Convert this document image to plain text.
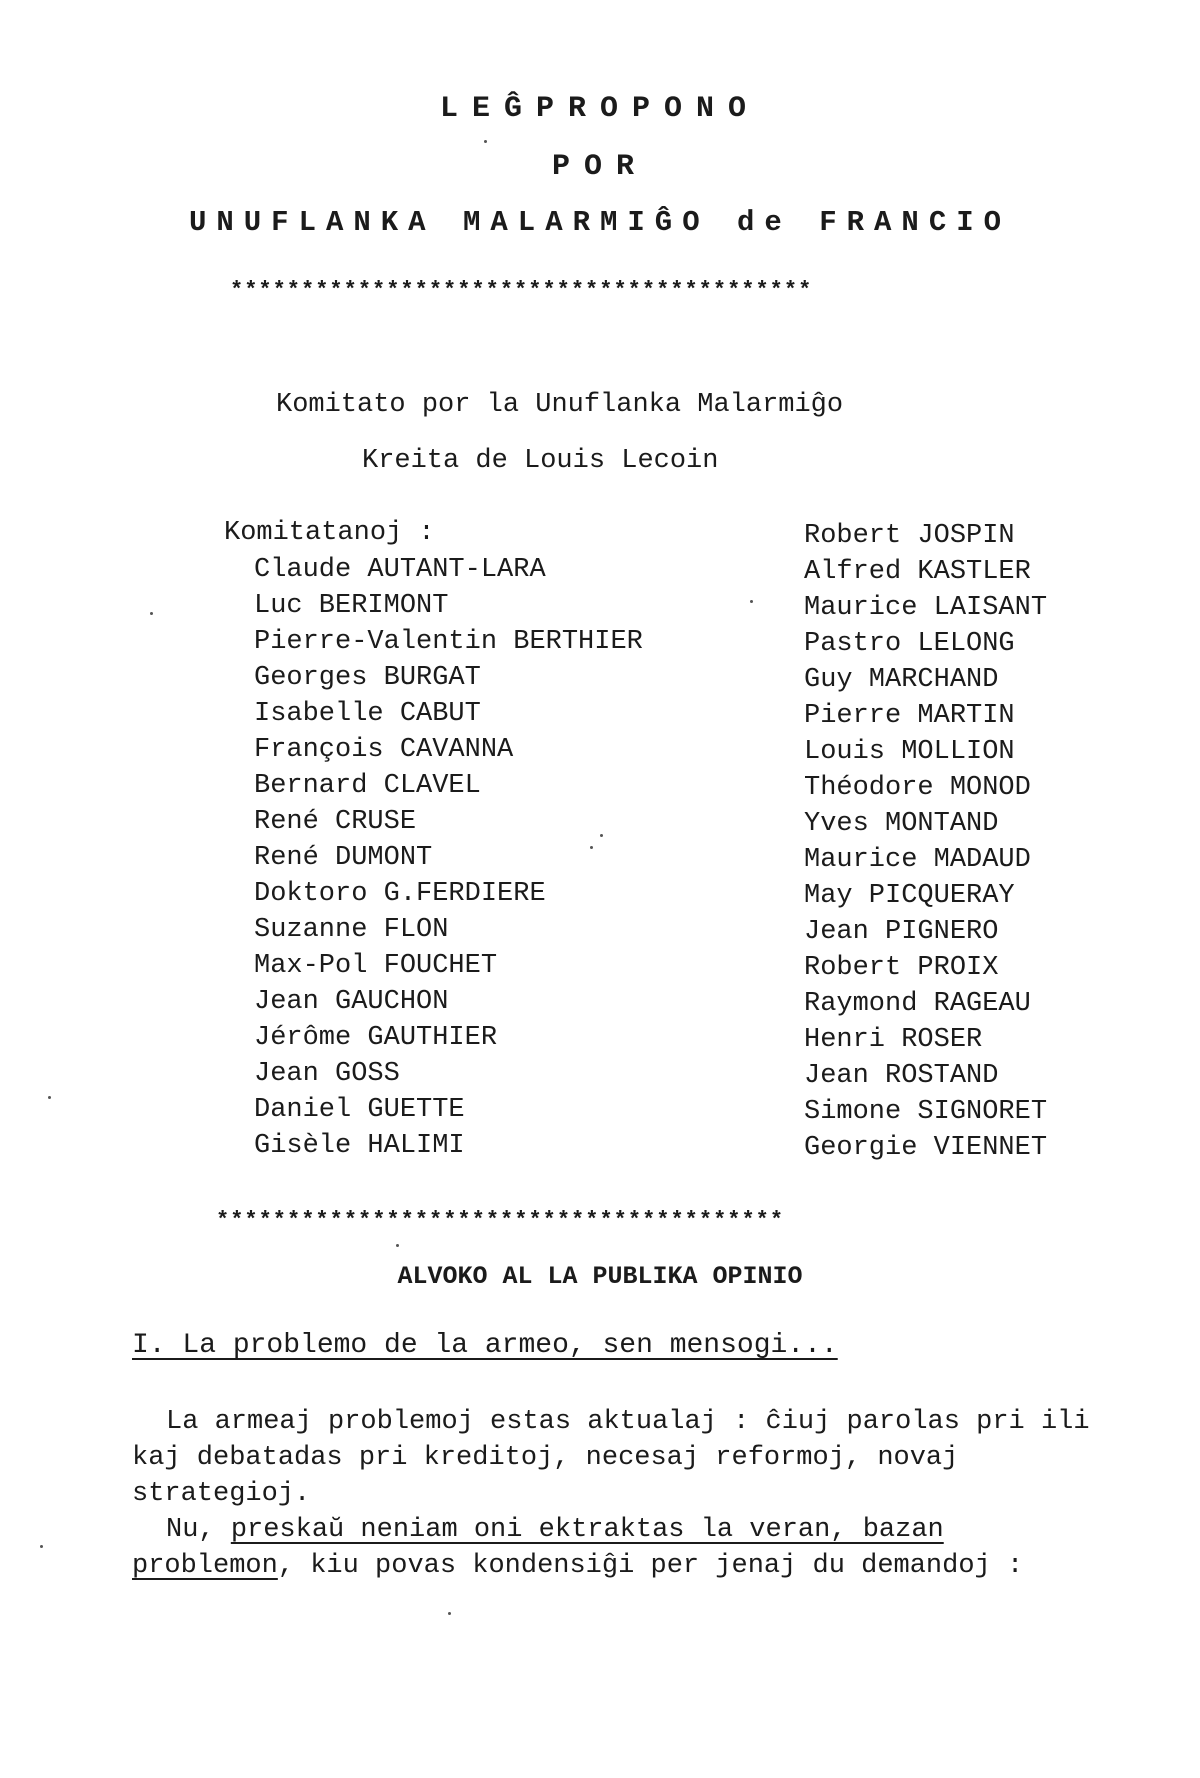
LEĜPROPONO
POR
UNUFLANKA MALARMIĜO de FRANCIO
*****************************************
Komitato por la Unuflanka Malarmiĝo
Kreita de Louis Lecoin
Komitatanoj :
Claude AUTANT-LARA
Luc BERIMONT
Pierre-Valentin BERTHIER
Georges BURGAT
Isabelle CABUT
François CAVANNA
Bernard CLAVEL
René CRUSE
René DUMONT
Doktoro G.FERDIERE
Suzanne FLON
Max-Pol FOUCHET
Jean GAUCHON
Jérôme GAUTHIER
Jean GOSS
Daniel GUETTE
Gisèle HALIMI
Robert JOSPIN
Alfred KASTLER
Maurice LAISANT
Pastro LELONG
Guy MARCHAND
Pierre MARTIN
Louis MOLLION
Théodore MONOD
Yves MONTAND
Maurice MADAUD
May PICQUERAY
Jean PIGNERO
Robert PROIX
Raymond RAGEAU
Henri ROSER
Jean ROSTAND
Simone SIGNORET
Georgie VIENNET
****************************************
ALVOKO AL LA PUBLIKA OPINIO
I. La problemo de la armeo, sen mensogi...

La armeaj problemoj estas aktualaj : ĉiuj parolas pri ili kaj debatadas pri kreditoj, necesaj reformoj, novaj strategioj.

Nu, preskaŭ neniam oni ektraktas la veran, bazan problemon, kiu povas kondensiĝi per jenaj du demandoj :
